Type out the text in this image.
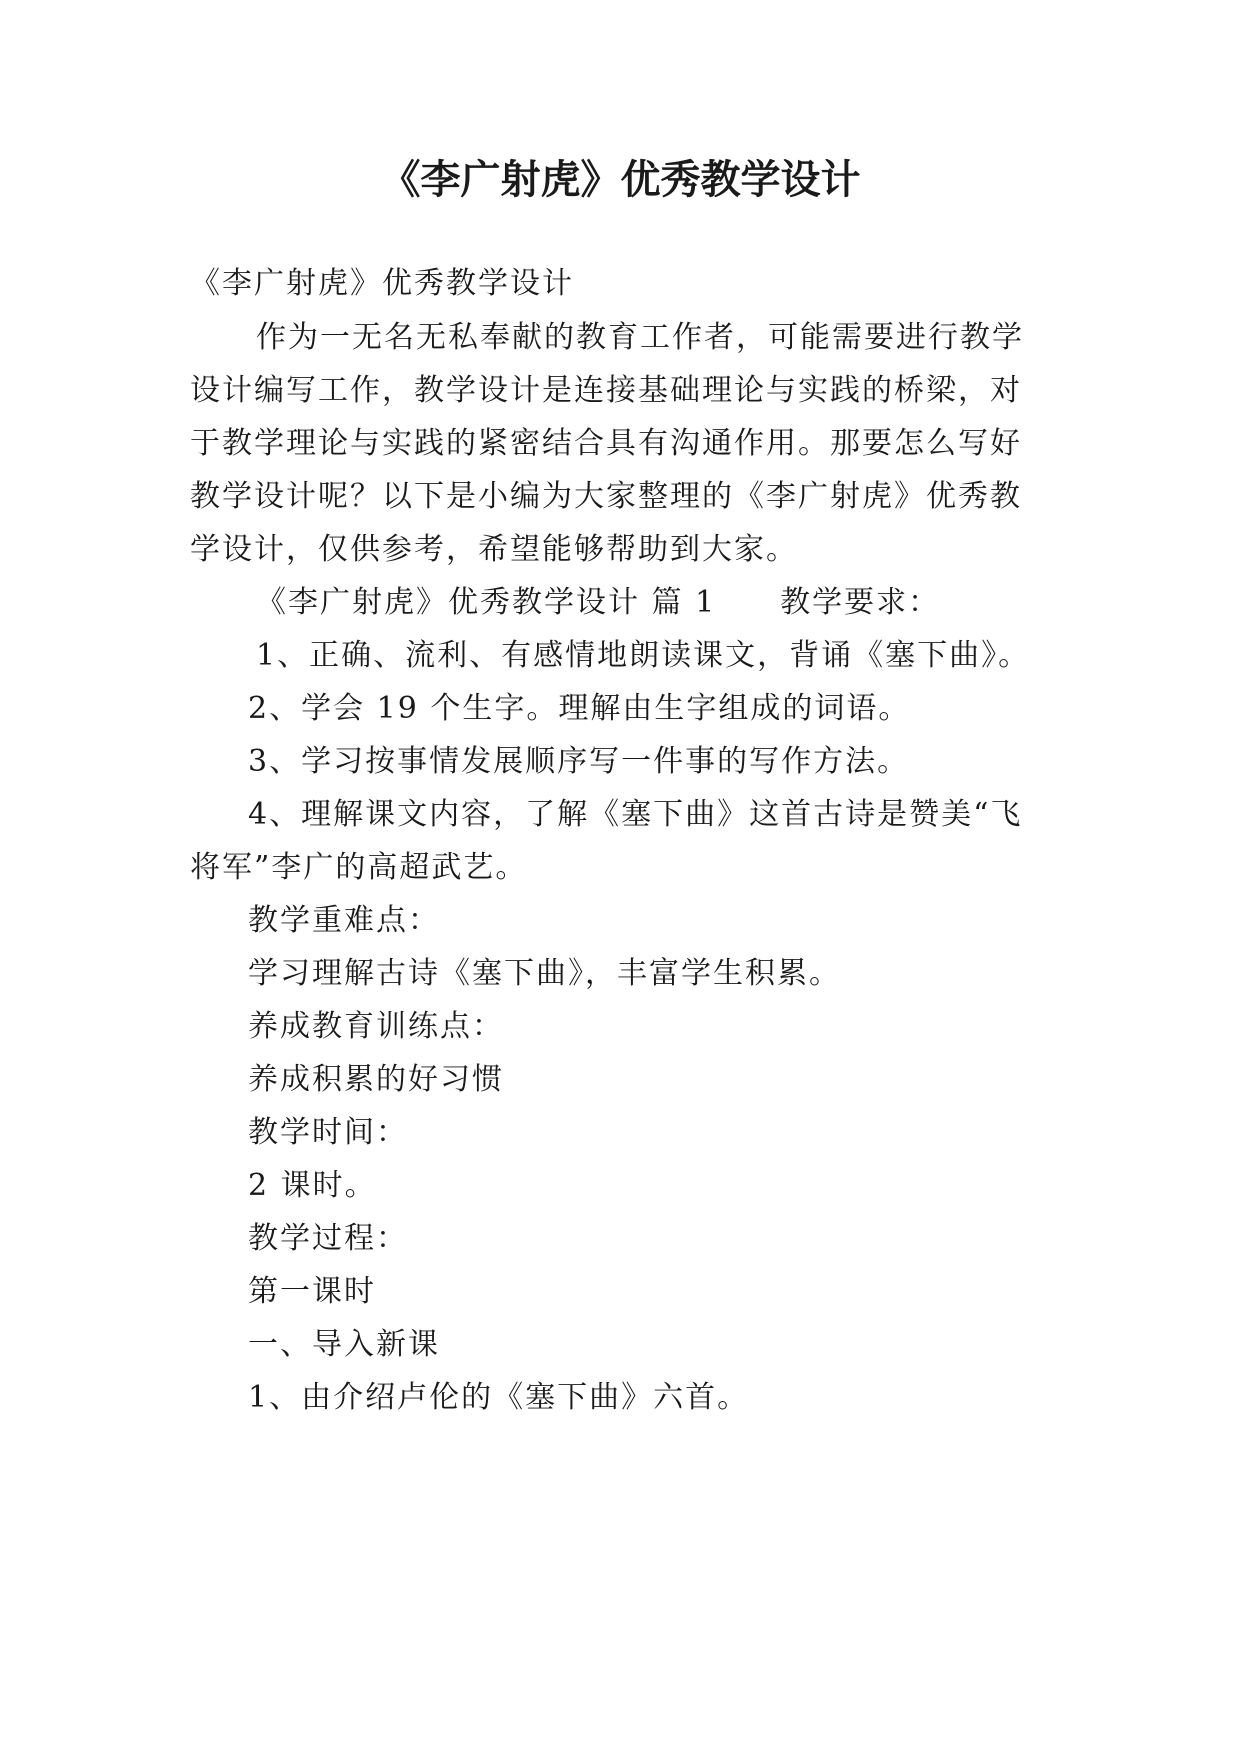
《李广射虎》优秀教学设计

《李广射虎》优秀教学设计

作为一无名无私奉献的教育工作者，可能需要进行教学

设计编写工作，教学设计是连接基础理论与实践的桥梁，对

于教学理论与实践的紧密结合具有沟通作用。那要怎么写好

教学设计呢？以下是小编为大家整理的《李广射虎》优秀教

学设计，仅供参考，希望能够帮助到大家。

《李广射虎》优秀教学设计 篇 1 教学要求：

1、正确、流利、有感情地朗读课文，背诵《塞下曲》。

2、学会 19 个生字。理解由生字组成的词语。

3、学习按事情发展顺序写一件事的写作方法。

4、理解课文内容，了解《塞下曲》这首古诗是赞美“飞

将军”李广的高超武艺。

教学重难点：

学习理解古诗《塞下曲》，丰富学生积累。

养成教育训练点：

养成积累的好习惯

教学时间：

2 课时。

教学过程：

第一课时

一、导入新课

1、由介绍卢伦的《塞下曲》六首。
